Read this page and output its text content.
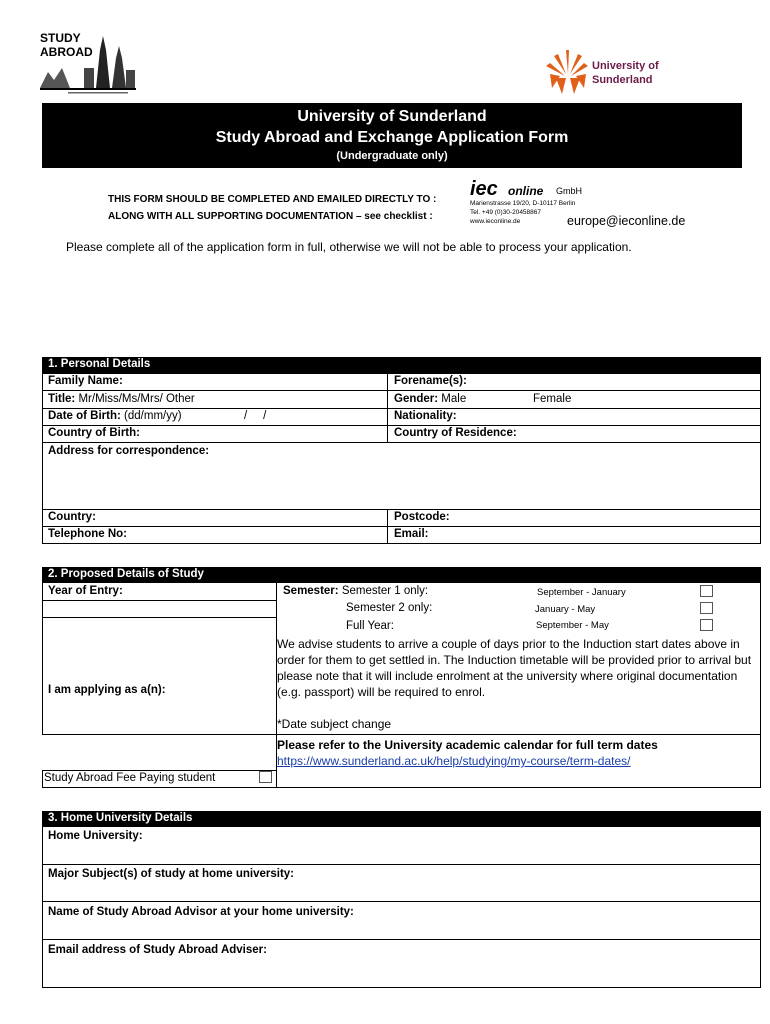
STUDY
ABROAD
University of
Sunderland
University of Sunderland
Study Abroad and Exchange Application Form
(Undergraduate only)
THIS FORM SHOULD BE COMPLETED AND EMAILED DIRECTLY TO :
ALONG WITH ALL SUPPORTING DOCUMENTATION – see checklist :
iec online GmbH
Marienstrasse 19/20, D-10117 Berlin
Tel. +49 (0)30-20458867
www.ieconline.de	europe@ieconline.de
Please complete all of the application form in full, otherwise we will not be able to process your application.
1. Personal Details
Family Name:	Forename(s):
Title: Mr/Miss/Ms/Mrs/ Other	Gender: Male	Female
Date of Birth: (dd/mm/yy)	/     /	Nationality:
Country of Birth:	Country of Residence:
Address for correspondence:
Country:	Postcode:
Telephone No:	Email:
2. Proposed Details of Study
Year of Entry:	Semester: Semester 1 only:	September - January
Semester 2 only:	January - May
Full Year:	September - May
I am applying as a(n):
We advise students to arrive a couple of days prior to the Induction start dates above in order for them to get settled in. The Induction timetable will be provided prior to arrival but please note that it will include enrolment at the university where original documentation (e.g. passport) will be required to enrol.
*Date subject change
Please refer to the University academic calendar for full term dates
https://www.sunderland.ac.uk/help/studying/my-course/term-dates/
Study Abroad Fee Paying student
3. Home University Details
Home University:
Major Subject(s) of study at home university:
Name of Study Abroad Advisor at your home university:
Email address of Study Abroad Adviser:
